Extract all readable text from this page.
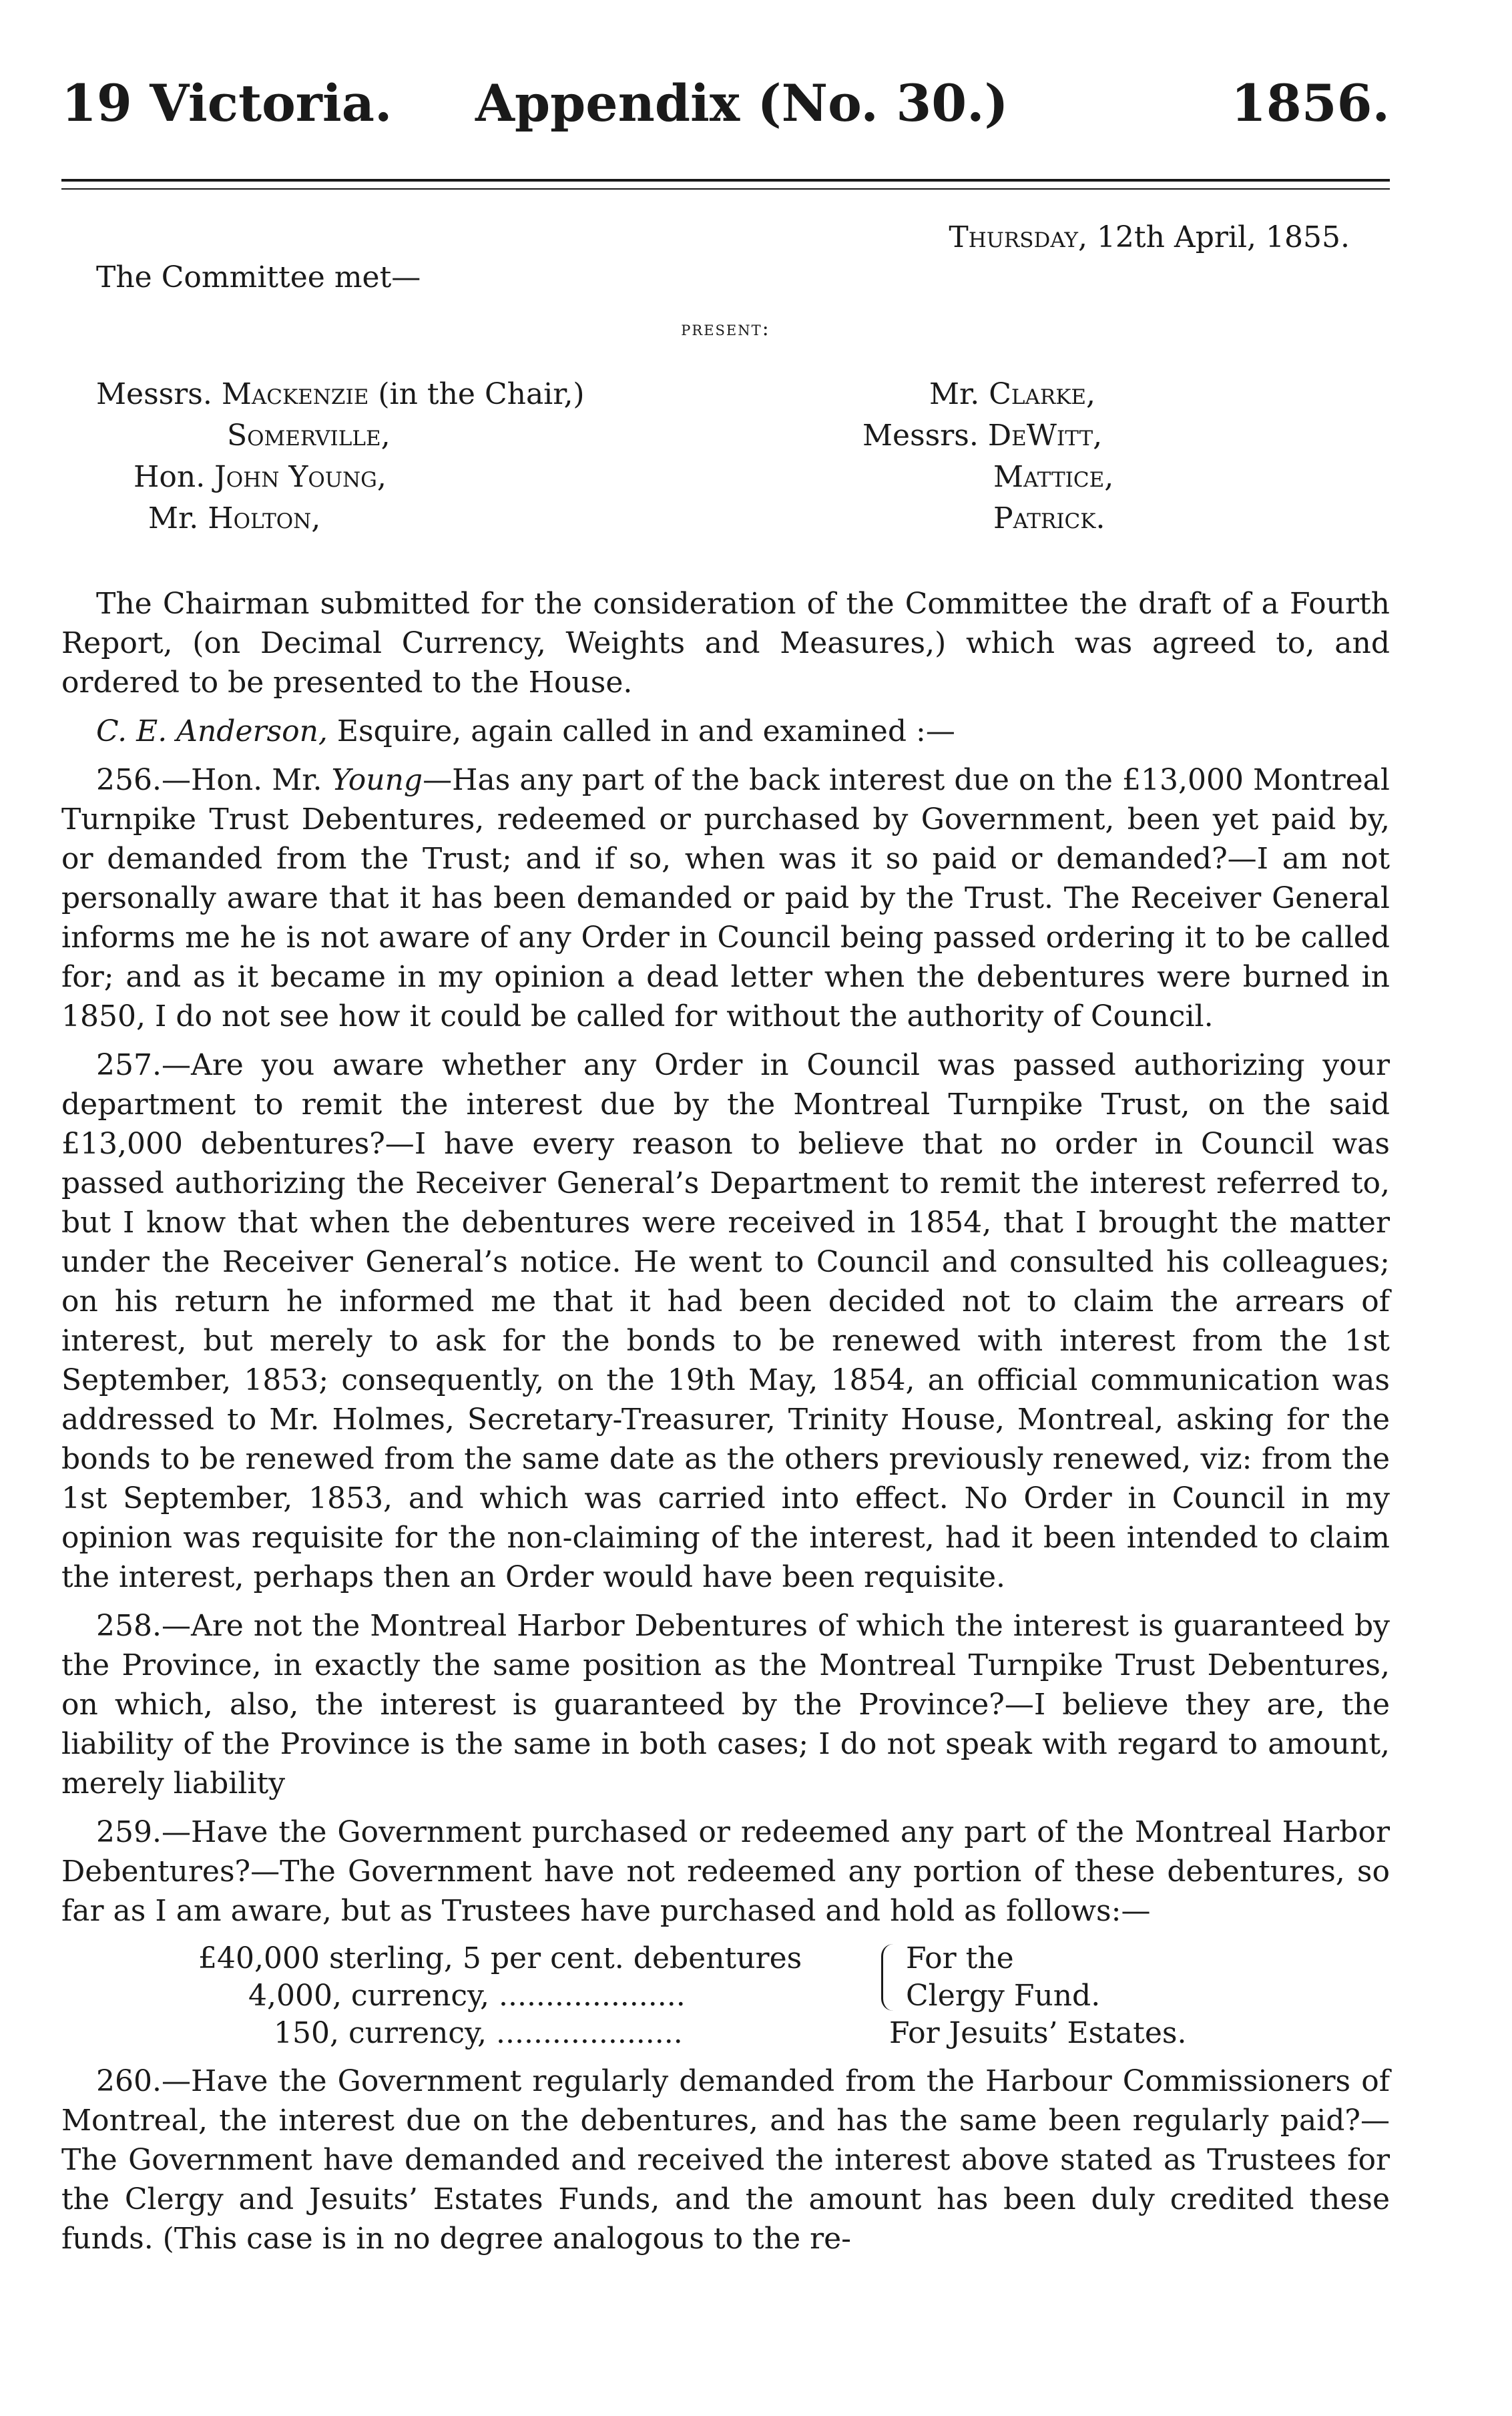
19 Victoria. Appendix (No. 30.)	1856.
Thursday, 12th April, 1855.
The Committee met—
present:
Messrs. Mackenzie (in the Chair,)
Somerville,
Hon. John Young,
Mr. Holton,
Mr. Clarke,
Messrs. DeWitt,
Mattice,
Patrick.

The Chairman submitted for the consideration of the Committee the draft of a Fourth Report, (on Decimal Currency, Weights and Measures,) which was agreed to, and ordered to be presented to the House.

C. E. Anderson, Esquire, again called in and examined :—

256.—Hon. Mr. Young—Has any part of the back interest due on the £13,000 Montreal Turnpike Trust Debentures, redeemed or purchased by Government, been yet paid by, or demanded from the Trust; and if so, when was it so paid or demanded?—I am not personally aware that it has been demanded or paid by the Trust. The Receiver General informs me he is not aware of any Order in Council being passed ordering it to be called for; and as it became in my opinion a dead letter when the debentures were burned in 1850, I do not see how it could be called for without the authority of Council.

257.—Are you aware whether any Order in Council was passed authorizing your department to remit the interest due by the Montreal Turnpike Trust, on the said £13,000 debentures?—I have every reason to believe that no order in Council was passed authorizing the Receiver General’s Department to remit the interest referred to, but I know that when the debentures were received in 1854, that I brought the matter under the Receiver General’s notice. He went to Council and consulted his colleagues; on his return he informed me that it had been decided not to claim the arrears of interest, but merely to ask for the bonds to be renewed with interest from the 1st September, 1853; consequently, on the 19th May, 1854, an official communication was addressed to Mr. Holmes, Secretary-Treasurer, Trinity House, Montreal, asking for the bonds to be renewed from the same date as the others previously renewed, viz: from the 1st September, 1853, and which was carried into effect. No Order in Council in my opinion was requisite for the non-claiming of the interest, had it been intended to claim the interest, perhaps then an Order would have been requisite.

258.—Are not the Montreal Harbor Debentures of which the interest is guaranteed by the Province, in exactly the same position as the Montreal Turnpike Trust Debentures, on which, also, the interest is guaranteed by the Province?—I believe they are, the liability of the Province is the same in both cases; I do not speak with regard to amount, merely liability

259.—Have the Government purchased or redeemed any part of the Montreal Harbor Debentures?—The Government have not redeemed any portion of these debentures, so far as I am aware, but as Trustees have purchased and hold as follows:—

£40,000 sterling, 5 per cent. debentures	For the
4,000, currency, ....................	Clergy Fund.
150, currency, ....................	For Jesuits’ Estates.

260.—Have the Government regularly demanded from the Harbour Commissioners of Montreal, the interest due on the debentures, and has the same been regularly paid?—The Government have demanded and received the interest above stated as Trustees for the Clergy and Jesuits’ Estates Funds, and the amount has been duly credited these funds. (This case is in no degree analogous to the re-
